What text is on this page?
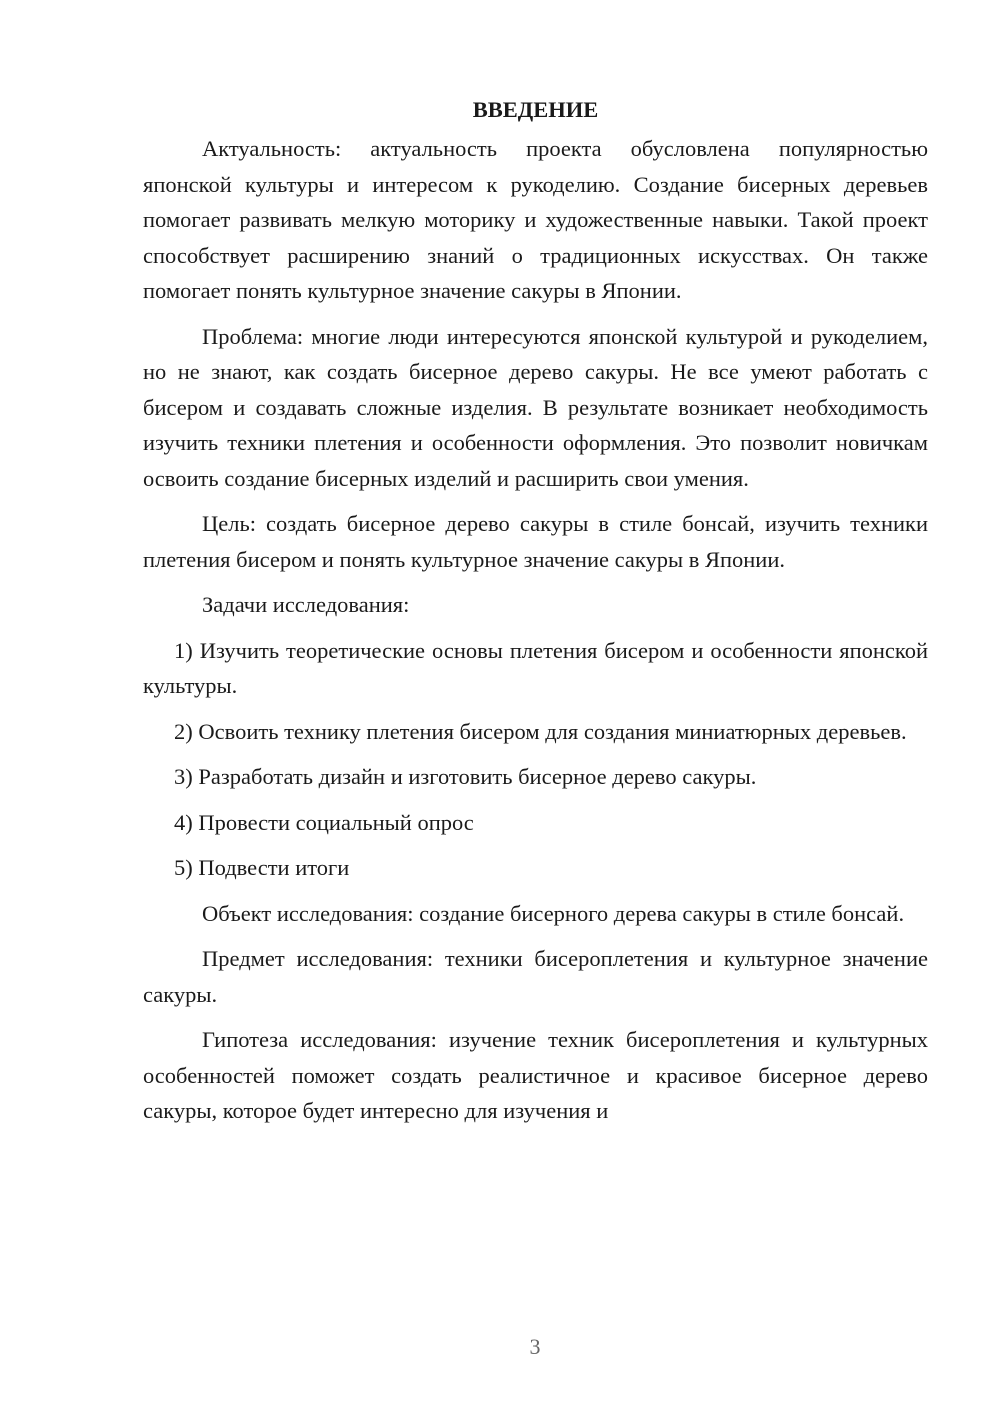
ВВЕДЕНИЕ

Актуальность: актуальность проекта обусловлена популярностью японской культуры и интересом к рукоделию. Создание бисерных деревьев помогает развивать мелкую моторику и художественные навыки. Такой проект способствует расширению знаний о традиционных искусствах. Он также помогает понять культурное значение сакуры в Японии.

Проблема: многие люди интересуются японской культурой и рукоделием, но не знают, как создать бисерное дерево сакуры. Не все умеют работать с бисером и создавать сложные изделия. В результате возникает необходимость изучить техники плетения и особенности оформления. Это позволит новичкам освоить создание бисерных изделий и расширить свои умения.

Цель: создать бисерное дерево сакуры в стиле бонсай, изучить техники плетения бисером и понять культурное значение сакуры в Японии.

Задачи исследования:

1) Изучить теоретические основы плетения бисером и особенности японской культуры.

2) Освоить технику плетения бисером для создания миниатюрных деревьев.

3) Разработать дизайн и изготовить бисерное дерево сакуры.

4) Провести социальный опрос

5) Подвести итоги

Объект исследования: создание бисерного дерева сакуры в стиле бонсай.

Предмет исследования: техники бисероплетения и культурное значение сакуры.

Гипотеза исследования: изучение техник бисероплетения и культурных особенностей поможет создать реалистичное и красивое бисерное дерево сакуры, которое будет интересно для изучения и

3
